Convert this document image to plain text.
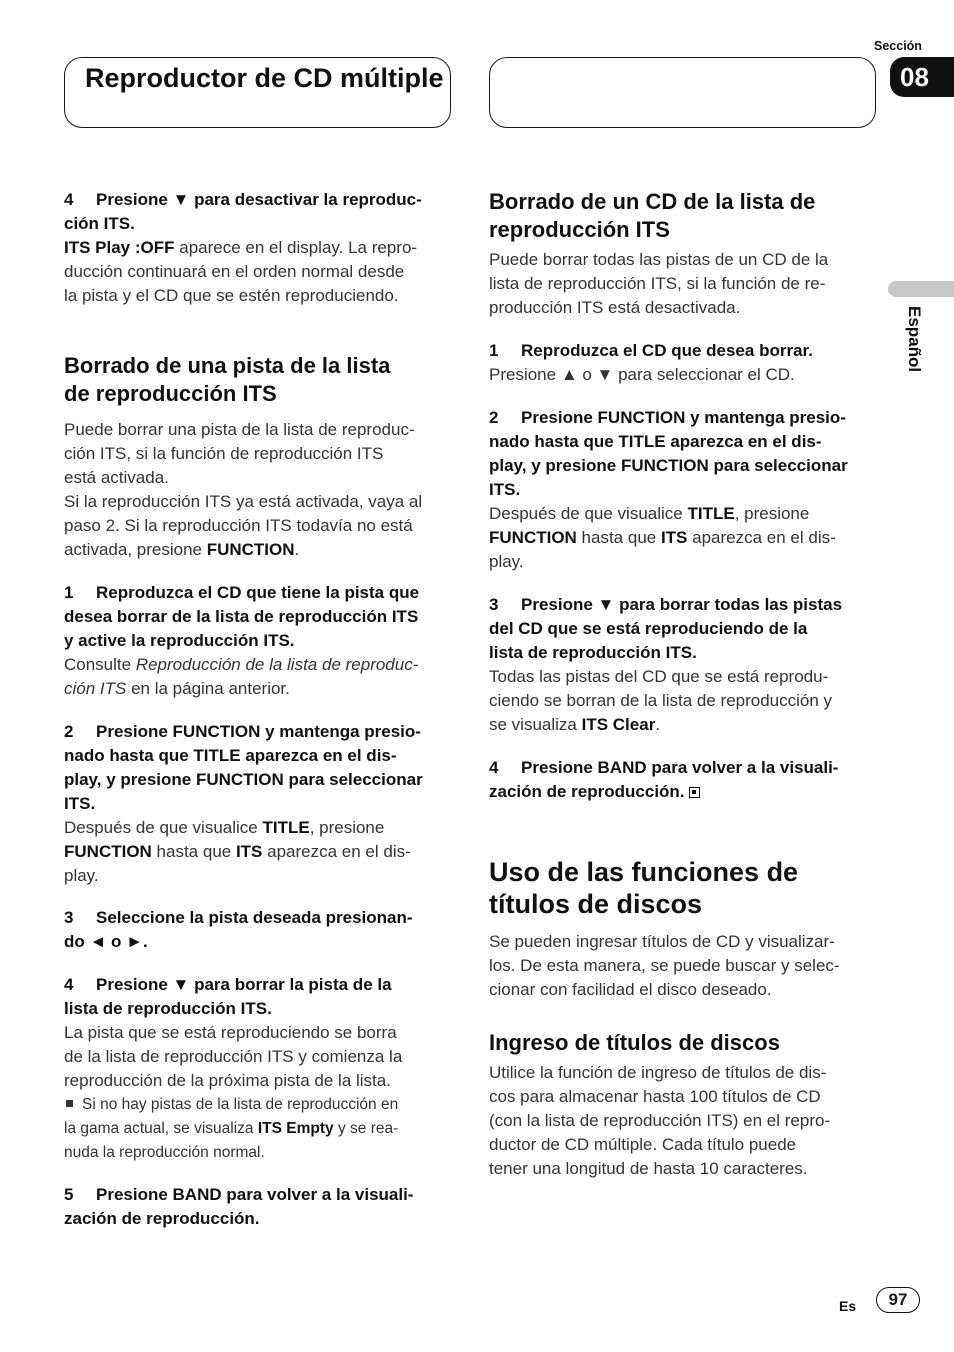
Reproductor de CD múltiple
Sección
08
Español

4 Presione ▼ para desactivar la reproduc-

ción ITS.

ITS Play :OFF aparece en el display. La repro-

ducción continuará en el orden normal desde

la pista y el CD que se estén reproduciendo.

Borrado de una pista de la lista
de reproducción ITS

Puede borrar una pista de la lista de reproduc-

ción ITS, si la función de reproducción ITS

está activada.

Si la reproducción ITS ya está activada, vaya al

paso 2. Si la reproducción ITS todavía no está

activada, presione FUNCTION.

1 Reproduzca el CD que tiene la pista que

desea borrar de la lista de reproducción ITS

y active la reproducción ITS.

Consulte Reproducción de la lista de reproduc-

ción ITS en la página anterior.

2 Presione FUNCTION y mantenga presio-

nado hasta que TITLE aparezca en el dis-

play, y presione FUNCTION para seleccionar

ITS.

Después de que visualice TITLE, presione

FUNCTION hasta que ITS aparezca en el dis-

play.

3 Seleccione la pista deseada presionan-

do ◄ o ►.

4 Presione ▼ para borrar la pista de la

lista de reproducción ITS.

La pista que se está reproduciendo se borra

de la lista de reproducción ITS y comienza la

reproducción de la próxima pista de la lista.

Si no hay pistas de la lista de reproducción en

la gama actual, se visualiza ITS Empty y se rea-

nuda la reproducción normal.

5 Presione BAND para volver a la visuali-

zación de reproducción.

Borrado de un CD de la lista de
reproducción ITS

Puede borrar todas las pistas de un CD de la

lista de reproducción ITS, si la función de re-

producción ITS está desactivada.

1 Reproduzca el CD que desea borrar.

Presione ▲ o ▼ para seleccionar el CD.

2 Presione FUNCTION y mantenga presio-

nado hasta que TITLE aparezca en el dis-

play, y presione FUNCTION para seleccionar

ITS.

Después de que visualice TITLE, presione

FUNCTION hasta que ITS aparezca en el dis-

play.

3 Presione ▼ para borrar todas las pistas

del CD que se está reproduciendo de la

lista de reproducción ITS.

Todas las pistas del CD que se está reprodu-

ciendo se borran de la lista de reproducción y

se visualiza ITS Clear.

4 Presione BAND para volver a la visuali-

zación de reproducción.

Uso de las funciones de
títulos de discos

Se pueden ingresar títulos de CD y visualizar-

los. De esta manera, se puede buscar y selec-

cionar con facilidad el disco deseado.

Ingreso de títulos de discos

Utilice la función de ingreso de títulos de dis-

cos para almacenar hasta 100 títulos de CD

(con la lista de reproducción ITS) en el repro-

ductor de CD múltiple. Cada título puede

tener una longitud de hasta 10 caracteres.

Es	97
